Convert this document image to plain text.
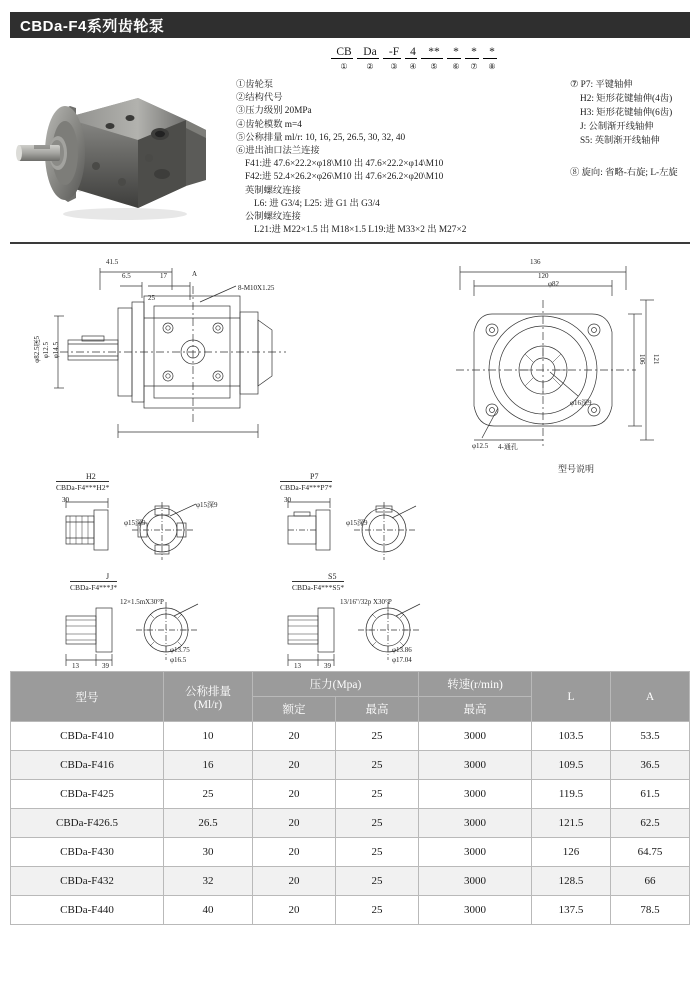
CBDa-F4系列齿轮泵
CB	Da	-F 4	**	*	*	*
①	②	③	④	⑤	⑥	⑦	⑧
①齿轮泵
②结构代号
③压力级别 20MPa
④齿轮模数 m=4
⑤公称排量 ml/r: 10, 16, 25, 26.5, 30, 32, 40
⑥进出油口法兰连接
F41:进 47.6×22.2×φ18\M10 出 47.6×22.2×φ14\M10
F42:进 52.4×26.2×φ26\M10 出 47.6×26.2×φ20\M10
英制螺纹连接
L6: 进 G3/4; L25: 进 G1 出 G3/4
公制螺纹连接
L21:进 M22×1.5 出 M18×1.5 L19:进 M33×2 出 M27×2
⑦ P7: 平键轴伸
H2: 矩形花键轴伸(4齿)
H3: 矩形花键轴伸(6齿)
J: 公制渐开线轴伸
S5: 英制渐开线轴伸
⑧ 旋向: 省略-右旋; L-左旋
41.5
6.5	17	A
25
8-M10X1.25
φ82.5深5 φ12.5 φ14.5
136
120
φ82
106 121
φ16深9
φ12.5 4-通孔
型号说明
H2
CBDa-F4***H2*
φ15深9
φ15深9
30
P7
CBDa-F4***P7*
30
φ15深9
J
CBDa-F4***J*
12×1.5mX30°P
39
13
φ13.75
φ16.5
S5
CBDa-F4***S5*
13/16"/32p X30°P
39
13
φ13.86
φ17.04
型号	公称排量
(Ml/r)	压力(Mpa)		转速(r/min)	L	A
		额定	最高	最高		
CBDa-F410	10	20	25	3000	103.5	53.5
CBDa-F416	16	20	25	3000	109.5	36.5
CBDa-F425	25	20	25	3000	119.5	61.5
CBDa-F426.5	26.5	20	25	3000	121.5	62.5
CBDa-F430	30	20	25	3000	126	64.75
CBDa-F432	32	20	25	3000	128.5	66
CBDa-F440	40	20	25	3000	137.5	78.5
